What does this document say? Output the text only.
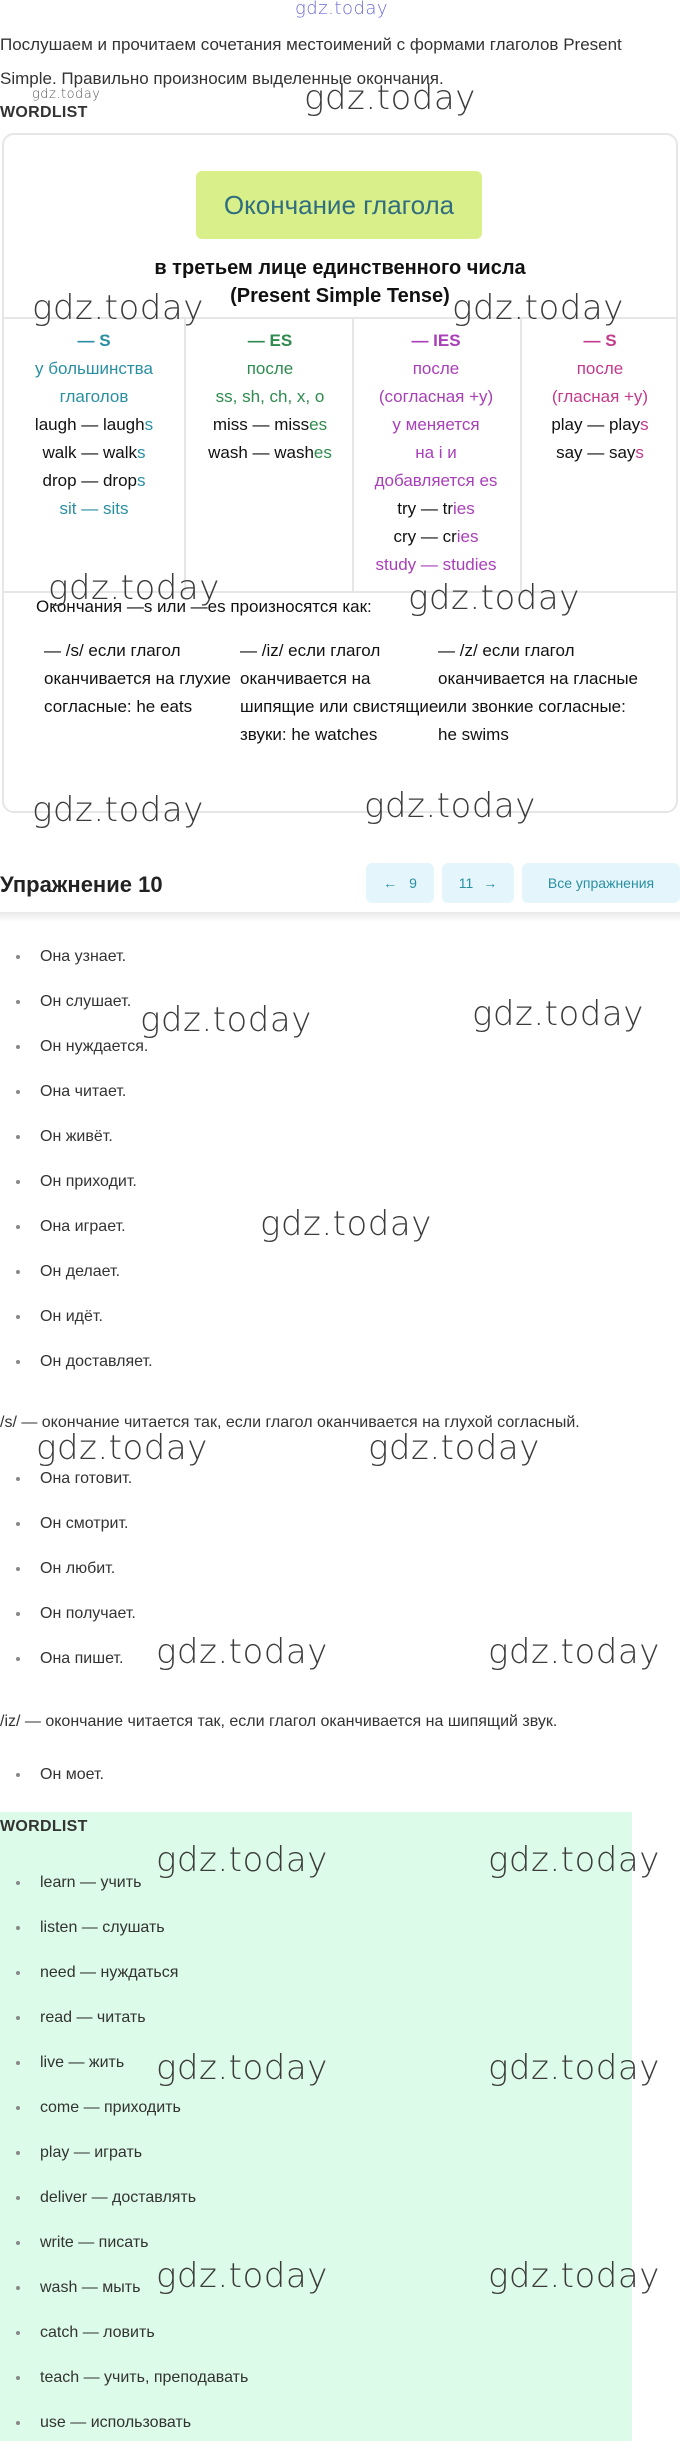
gdz.today
Послушаем и прочитаем сочетания местоимений с формами глаголов Present Simple. Правильно произносим выделенные окончания.
gdz.today
WORDLIST
Окончание глагола
в третьем лице единственного числа
(Present Simple Tense)
— S
у большинства
глаголов
laugh — laughs
walk — walks
drop — drops
sit — sits
— ES
после
ss, sh, ch, x, o
miss — misses
wash — washes
— IES
после
(согласная +y)
у меняется
на i и
добавляется es
try — tries
cry — cries
study — studies
— S
после
(гласная +y)
play — plays
say — says
Окончания —s или —es произносятся как:
— /s/ если глагол оканчивается на глухие согласные: he eats
— /iz/ если глагол оканчивается на шипящие или свистящие звуки: he watches
— /z/ если глагол оканчивается на гласные или звонкие согласные: he swims
Упражнение 10	← 9	11 →	Все упражнения
Она узнает.
Он слушает.
Он нуждается.
Она читает.
Он живёт.
Он приходит.
Она играет.
Он делает.
Он идёт.
Он доставляет.
/s/ — окончание читается так, если глагол оканчивается на глухой согласный.
Она готовит.
Он смотрит.
Он любит.
Он получает.
Она пишет.
/iz/ — окончание читается так, если глагол оканчивается на шипящий звук.
Он моет.
WORDLIST
learn — учить
listen — слушать
need — нуждаться
read — читать
live — жить
come — приходить
play — играть
deliver — доставлять
write — писать
wash — мыть
catch — ловить
teach — учить, преподавать
use — использовать
gdz.today
gdz.today	gdz.today
gdz.today	gdz.today
gdz.today	gdz.today
gdz.today	gdz.today
gdz.today
gdz.today	gdz.today
gdz.today	gdz.today
gdz.today	gdz.today
gdz.today	gdz.today
gdz.today	gdz.today
